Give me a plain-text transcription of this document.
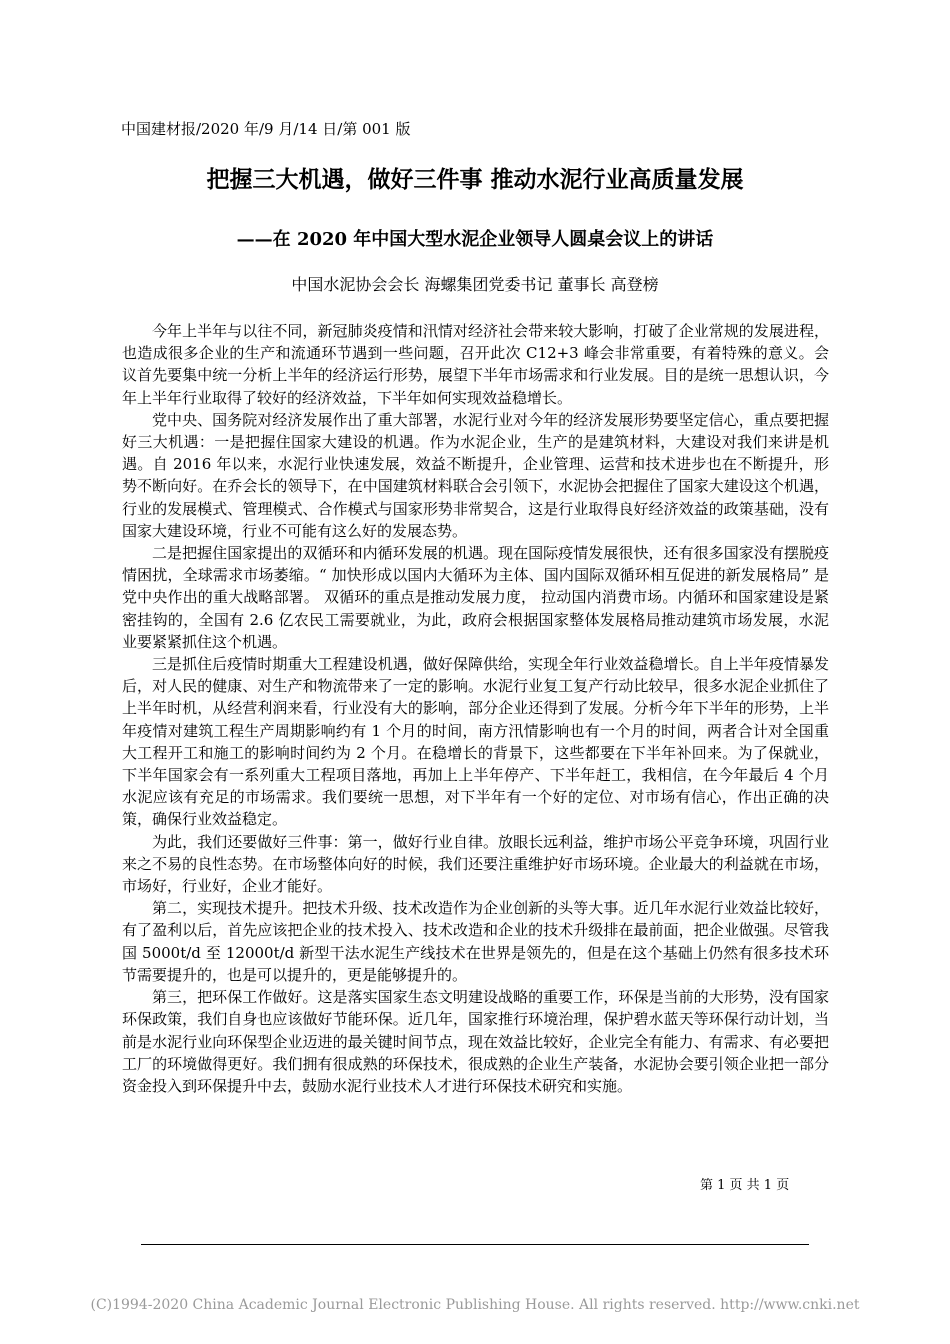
中国建材报/2020 年/9 月/14 日/第 001 版
把握三大机遇，做好三件事 推动水泥行业高质量发展
——在 2020 年中国大型水泥企业领导人圆桌会议上的讲话
中国水泥协会会长 海螺集团党委书记 董事长 高登榜

今年上半年与以往不同，新冠肺炎疫情和汛情对经济社会带来较大影响，打破了企业常规的发展进程，也造成很多企业的生产和流通环节遇到一些问题，召开此次 C12+3 峰会非常重要，有着特殊的意义。会议首先要集中统一分析上半年的经济运行形势，展望下半年市场需求和行业发展。目的是统一思想认识，今年上半年行业取得了较好的经济效益，下半年如何实现效益稳增长。

党中央、国务院对经济发展作出了重大部署，水泥行业对今年的经济发展形势要坚定信心，重点要把握好三大机遇：一是把握住国家大建设的机遇。作为水泥企业，生产的是建筑材料，大建设对我们来讲是机遇。自 2016 年以来，水泥行业快速发展，效益不断提升，企业管理、运营和技术进步也在不断提升，形势不断向好。在乔会长的领导下，在中国建筑材料联合会引领下，水泥协会把握住了国家大建设这个机遇，行业的发展模式、管理模式、合作模式与国家形势非常契合，这是行业取得良好经济效益的政策基础，没有国家大建设环境，行业不可能有这么好的发展态势。

二是把握住国家提出的双循环和内循环发展的机遇。现在国际疫情发展很快，还有很多国家没有摆脱疫情困扰，全球需求市场萎缩。“ 加快形成以国内大循环为主体、国内国际双循环相互促进的新发展格局” 是党中央作出的重大战略部署。 双循环的重点是推动发展力度， 拉动国内消费市场。内循环和国家建设是紧密挂钩的，全国有 2.6 亿农民工需要就业，为此，政府会根据国家整体发展格局推动建筑市场发展，水泥业要紧紧抓住这个机遇。

三是抓住后疫情时期重大工程建设机遇，做好保障供给，实现全年行业效益稳增长。自上半年疫情暴发后，对人民的健康、对生产和物流带来了一定的影响。水泥行业复工复产行动比较早，很多水泥企业抓住了上半年时机，从经营利润来看，行业没有大的影响，部分企业还得到了发展。分析今年下半年的形势，上半年疫情对建筑工程生产周期影响约有 1 个月的时间，南方汛情影响也有一个月的时间，两者合计对全国重大工程开工和施工的影响时间约为 2 个月。在稳增长的背景下，这些都要在下半年补回来。为了保就业，下半年国家会有一系列重大工程项目落地，再加上上半年停产、下半年赶工，我相信，在今年最后 4 个月水泥应该有充足的市场需求。我们要统一思想，对下半年有一个好的定位、对市场有信心，作出正确的决策，确保行业效益稳定。

为此，我们还要做好三件事：第一，做好行业自律。放眼长远利益，维护市场公平竞争环境，巩固行业来之不易的良性态势。在市场整体向好的时候，我们还要注重维护好市场环境。企业最大的利益就在市场，市场好，行业好，企业才能好。

第二，实现技术提升。把技术升级、技术改造作为企业创新的头等大事。近几年水泥行业效益比较好，有了盈利以后，首先应该把企业的技术投入、技术改造和企业的技术升级排在最前面，把企业做强。尽管我国 5000t/d 至 12000t/d 新型干法水泥生产线技术在世界是领先的，但是在这个基础上仍然有很多技术环节需要提升的，也是可以提升的，更是能够提升的。

第三，把环保工作做好。这是落实国家生态文明建设战略的重要工作，环保是当前的大形势，没有国家环保政策，我们自身也应该做好节能环保。近几年，国家推行环境治理，保护碧水蓝天等环保行动计划，当前是水泥行业向环保型企业迈进的最关键时间节点，现在效益比较好，企业完全有能力、有需求、有必要把工厂的环境做得更好。我们拥有很成熟的环保技术，很成熟的企业生产装备，水泥协会要引领企业把一部分资金投入到环保提升中去，鼓励水泥行业技术人才进行环保技术研究和实施。

第 1 页 共 1 页
(C)1994-2020 China Academic Journal Electronic Publishing House. All rights reserved. http://www.cnki.net
